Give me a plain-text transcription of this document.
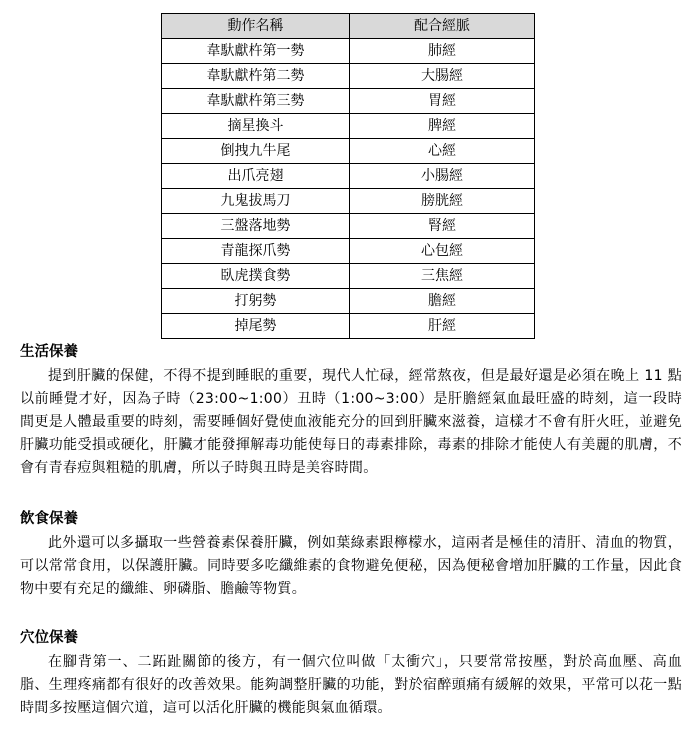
動作名稱	配合經脈
韋馱獻杵第一勢	肺經
韋馱獻杵第二勢	大腸經
韋馱獻杵第三勢	胃經
摘星換斗	脾經
倒拽九牛尾	心經
出爪亮翅	小腸經
九鬼拔馬刀	膀胱經
三盤落地勢	腎經
青龍探爪勢	心包經
臥虎撲食勢	三焦經
打躬勢	膽經
掉尾勢	肝經
生活保養

提到肝臟的保健，不得不提到睡眠的重要，現代人忙碌，經常熬夜，但是最好還是必須在晚上 11 點以前睡覺才好，因為子時（23:00~1:00）丑時（1:00~3:00）是肝膽經氣血最旺盛的時刻，這一段時間更是人體最重要的時刻，需要睡個好覺使血液能充分的回到肝臟來滋養，這樣才不會有肝火旺，並避免肝臟功能受損或硬化，肝臟才能發揮解毒功能使每日的毒素排除，毒素的排除才能使人有美麗的肌膚，不會有青春痘與粗糙的肌膚，所以子時與丑時是美容時間。

飲食保養

此外還可以多攝取一些營養素保養肝臟，例如葉綠素跟檸檬水，這兩者是極佳的清肝、清血的物質，可以常常食用，以保護肝臟。同時要多吃纖維素的食物避免便秘，因為便秘會增加肝臟的工作量，因此食物中要有充足的纖維、卵磷脂、膽鹼等物質。

穴位保養

在腳背第一、二跖趾關節的後方，有一個穴位叫做「太衝穴」，只要常常按壓，對於高血壓、高血脂、生理疼痛都有很好的改善效果。能夠調整肝臟的功能，對於宿醉頭痛有緩解的效果，平常可以花一點時間多按壓這個穴道，這可以活化肝臟的機能與氣血循環。
